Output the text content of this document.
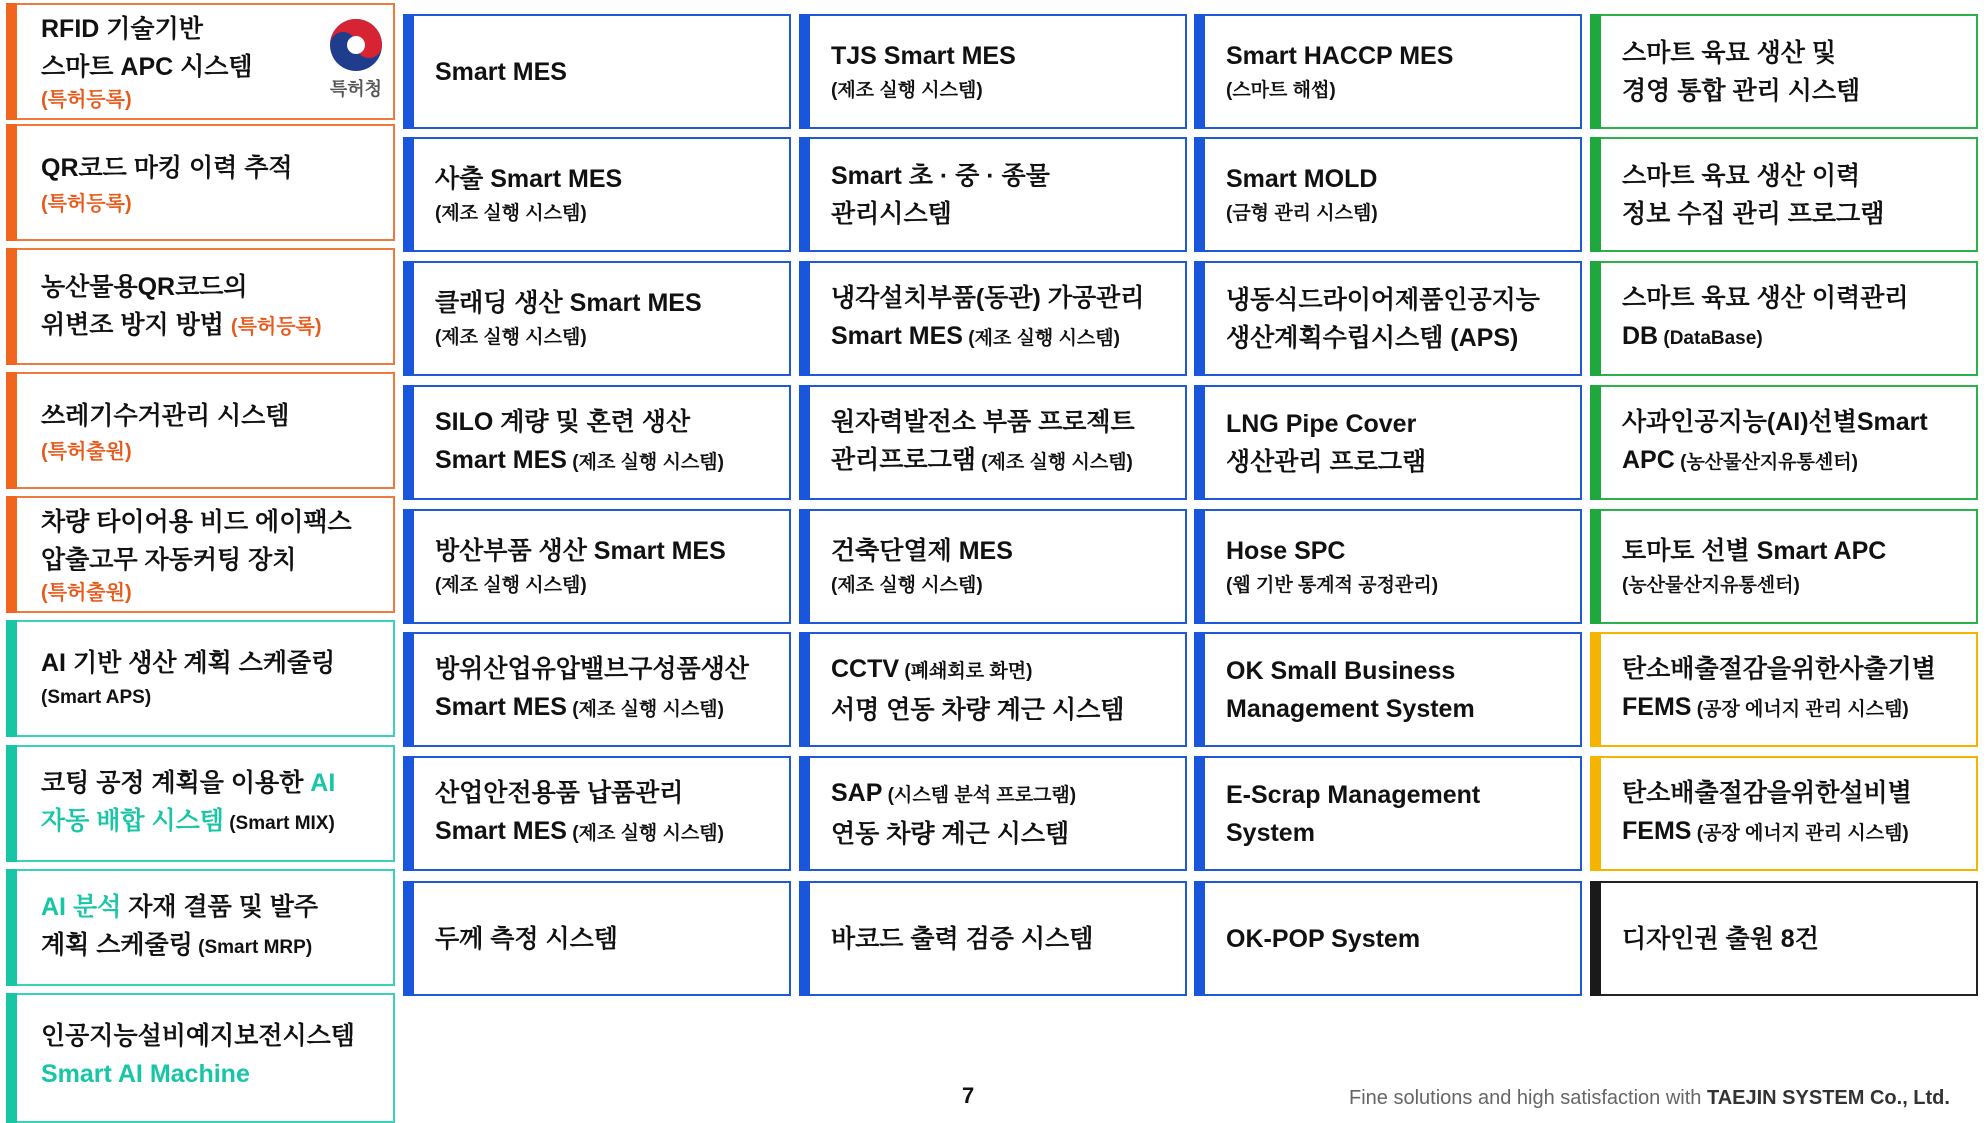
RFID 기술기반
스마트 APC 시스템
(특허등록)	특허청
QR코드 마킹 이력 추적
(특허등록)
농산물용QR코드의
위변조 방지 방법 (특허등록)
쓰레기수거관리 시스템
(특허출원)
차량 타이어용 비드 에이팩스
압출고무 자동커팅 장치
(특허출원)
AI 기반 생산 계획 스케줄링
(Smart APS)
코팅 공정 계획을 이용한 AI
자동 배합 시스템 (Smart MIX)
AI 분석 자재 결품 및 발주
계획 스케줄링 (Smart MRP)
인공지능설비예지보전시스템
Smart AI Machine
Smart MES
사출 Smart MES
(제조 실행 시스템)
클래딩 생산 Smart MES
(제조 실행 시스템)
SILO 계량 및 혼련 생산
Smart MES (제조 실행 시스템)
방산부품 생산 Smart MES
(제조 실행 시스템)
방위산업유압밸브구성품생산
Smart MES (제조 실행 시스템)
산업안전용품 납품관리
Smart MES (제조 실행 시스템)
두께 측정 시스템
TJS Smart MES
(제조 실행 시스템)
Smart 초 · 중 · 종물
관리시스템
냉각설치부품(동관) 가공관리
Smart MES (제조 실행 시스템)
원자력발전소 부품 프로젝트
관리프로그램 (제조 실행 시스템)
건축단열제 MES
(제조 실행 시스템)
CCTV (폐쇄회로 화면)
서명 연동 차량 계근 시스템
SAP (시스템 분석 프로그램)
연동 차량 계근 시스템
바코드 출력 검증 시스템
Smart HACCP MES
(스마트 해썹)
Smart MOLD
(금형 관리 시스템)
냉동식드라이어제품인공지능
생산계획수립시스템 (APS)
LNG Pipe Cover
생산관리 프로그램
Hose SPC
(웹 기반 통계적 공정관리)
OK Small Business
Management System
E-Scrap Management
System
OK-POP System
스마트 육묘 생산 및
경영 통합 관리 시스템
스마트 육묘 생산 이력
정보 수집 관리 프로그램
스마트 육묘 생산 이력관리
DB (DataBase)
사과인공지능(AI)선별Smart
APC (농산물산지유통센터)
토마토 선별 Smart APC
(농산물산지유통센터)
탄소배출절감을위한사출기별
FEMS (공장 에너지 관리 시스템)
탄소배출절감을위한설비별
FEMS (공장 에너지 관리 시스템)
디자인권 출원 8건
7	Fine solutions and high satisfaction with TAEJIN SYSTEM Co., Ltd.
